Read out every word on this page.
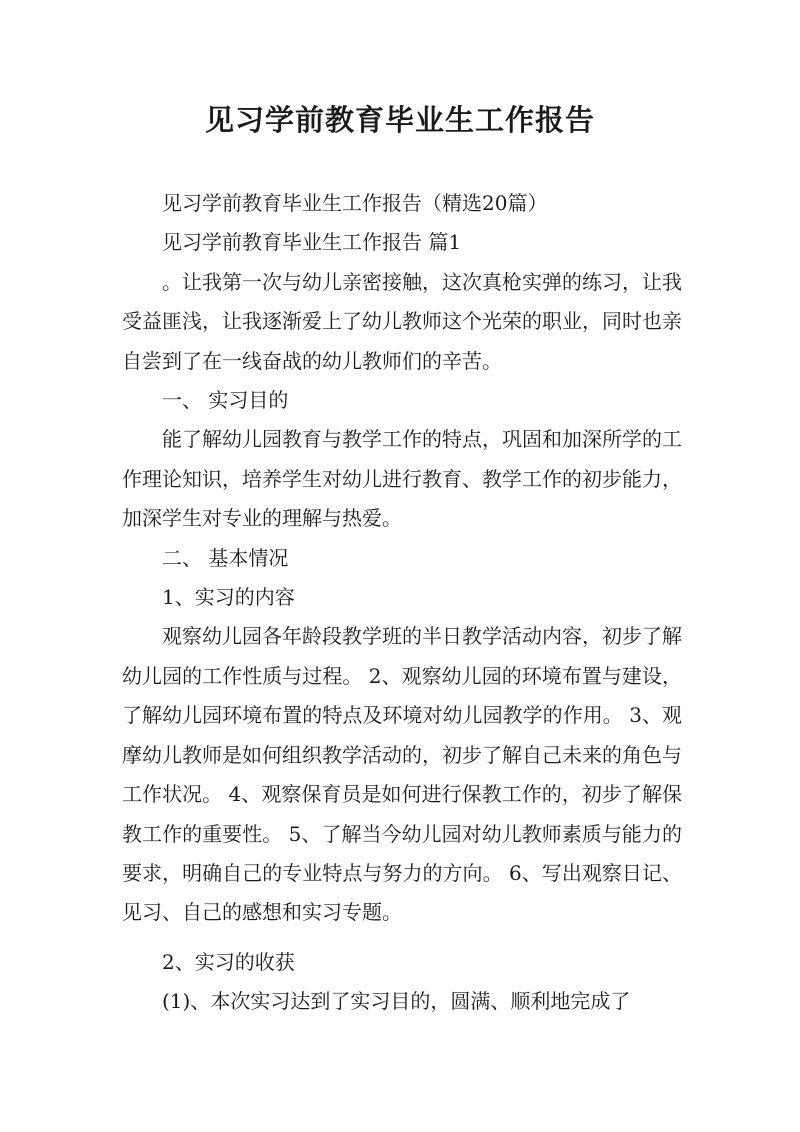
见习学前教育毕业生工作报告

见习学前教育毕业生工作报告（精选20篇）

见习学前教育毕业生工作报告 篇1

。让我第一次与幼儿亲密接触，这次真枪实弹的练习，让我受益匪浅，让我逐渐爱上了幼儿教师这个光荣的职业，同时也亲自尝到了在一线奋战的幼儿教师们的辛苦。

一、 实习目的

能了解幼儿园教育与教学工作的特点，巩固和加深所学的工作理论知识，培养学生对幼儿进行教育、教学工作的初步能力，加深学生对专业的理解与热爱。

二、 基本情况

1、实习的内容

观察幼儿园各年龄段教学班的半日教学活动内容，初步了解幼儿园的工作性质与过程。 2、观察幼儿园的环境布置与建设，了解幼儿园环境布置的特点及环境对幼儿园教学的作用。 3、观摩幼儿教师是如何组织教学活动的，初步了解自己未来的角色与工作状况。 4、观察保育员是如何进行保教工作的，初步了解保教工作的重要性。 5、了解当今幼儿园对幼儿教师素质与能力的要求，明确自己的专业特点与努力的方向。 6、写出观察日记、见习、自己的感想和实习专题。

2、实习的收获

(1)、本次实习达到了实习目的，圆满、顺利地完成了
